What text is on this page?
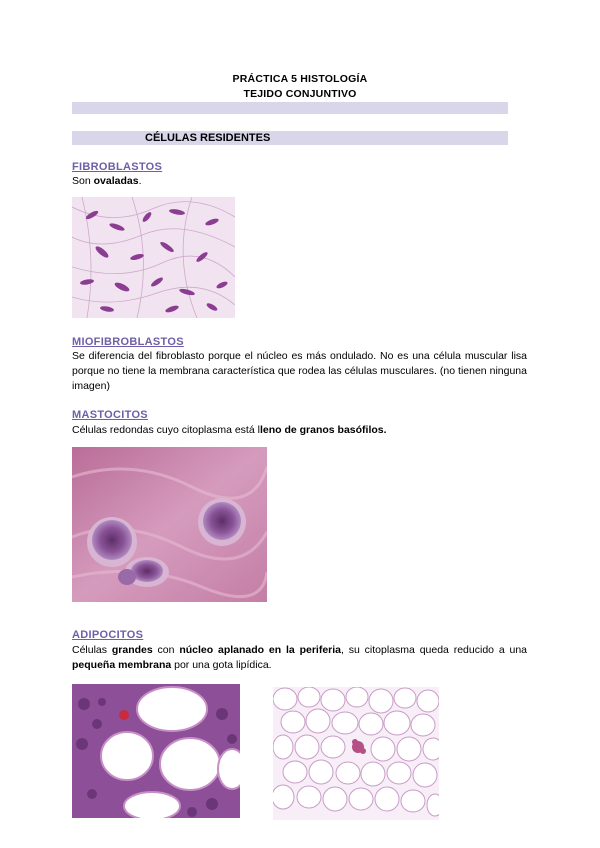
PRÁCTICA 5 HISTOLOGÍA
TEJIDO CONJUNTIVO
CÉLULAS RESIDENTES
FIBROBLASTOS
Son ovaladas.
MIOFIBROBLASTOS
Se diferencia del fibroblasto porque el núcleo es más ondulado. No es una célula muscular lisa porque no tiene la membrana característica que rodea las células musculares. (no tienen ninguna imagen)
MASTOCITOS
Células redondas cuyo citoplasma está lleno de granos basófilos.
ADIPOCITOS
Células grandes con núcleo aplanado en la periferia, su citoplasma queda reducido a una pequeña membrana por una gota lipídica.
